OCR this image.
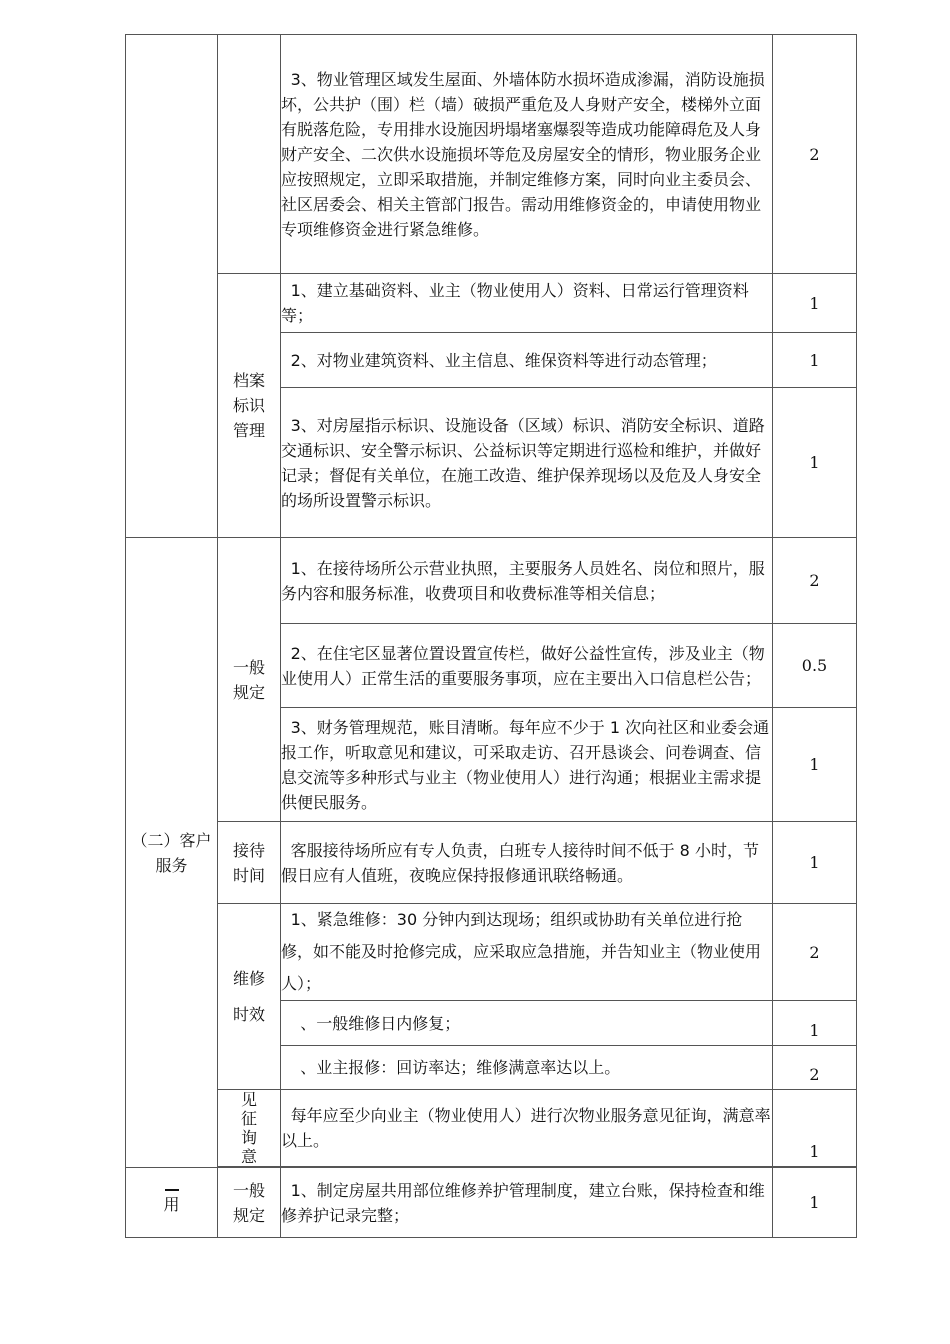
		3、物业管理区域发生屋面、外墙体防水损坏造成渗漏，消防设施损坏，公共护（围）栏（墙）破损严重危及人身财产安全，楼梯外立面有脱落危险，专用排水设施因坍塌堵塞爆裂等造成功能障碍危及人身财产安全、二次供水设施损坏等危及房屋安全的情形，物业服务企业应按照规定，立即采取措施，并制定维修方案，同时向业主委员会、社区居委会、相关主管部门报告。需动用维修资金的，申请使用物业专项维修资金进行紧急维修。	2
	档案标识管理	1、建立基础资料、业主（物业使用人）资料、日常运行管理资料等；	1

		2、对物业建筑资料、业主信息、维保资料等进行动态管理；	1

		3、对房屋指示标识、设施设备（区域）标识、消防安全标识、道路交通标识、安全警示标识、公益标识等定期进行巡检和维护，并做好记录；督促有关单位，在施工改造、维护保养现场以及危及人身安全的场所设置警示标识。	1
（二）客户服务	一般规定	1、在接待场所公示营业执照，主要服务人员姓名、岗位和照片，服务内容和服务标准，收费项目和收费标准等相关信息；	2

		2、在住宅区显著位置设置宣传栏，做好公益性宣传，涉及业主（物业使用人）正常生活的重要服务事项，应在主要出入口信息栏公告；	0.5

		3、财务管理规范，账目清晰。每年应不少于 1 次向社区和业委会通报工作，听取意见和建议，可采取走访、召开恳谈会、问卷调查、信息交流等多种形式与业主（物业使用人）进行沟通；根据业主需求提供便民服务。	1
	接待时间	客服接待场所应有专人负责，白班专人接待时间不低于 8 小时，节假日应有人值班，夜晚应保持报修通讯联络畅通。	1
	维修时效	1、紧急维修：30 分钟内到达现场；组织或协助有关单位进行抢修，如不能及时抢修完成，应采取应急措施，并告知业主（物业使用人）；	2

		、一般维修日内修复；	1

		、业主报修：回访率达；维修满意率达以上。	2
	见征询意	每年应至少向业主（物业使用人）进行次物业服务意见征询，满意率以上。	1

用	一般规定	1、制定房屋共用部位维修养护管理制度，建立台账，保持检查和维修养护记录完整；	1
